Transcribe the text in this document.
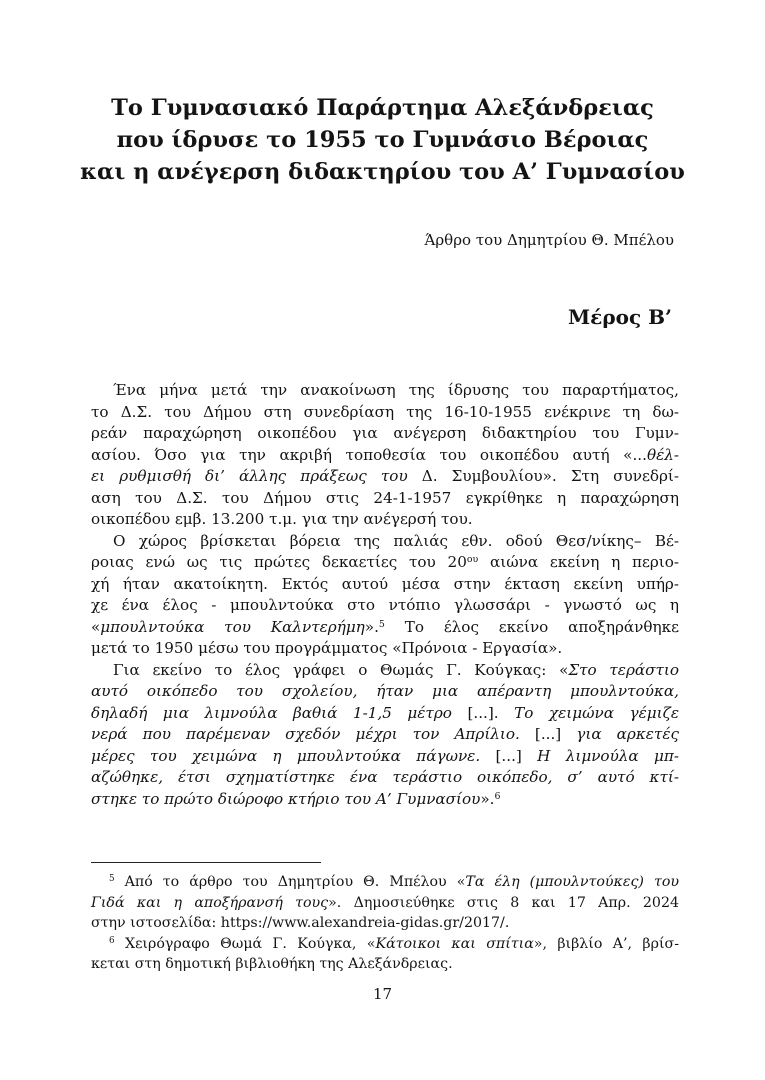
Το Γυμνασιακό Παράρτημα Αλεξάνδρειας
που ίδρυσε το 1955 το Γυμνάσιο Βέροιας
και η ανέγερση διδακτηρίου του Α’ Γυμνασίου
Άρθρο του Δημητρίου Θ. Μπέλου
Μέρος Β’
Ένα μήνα μετά την ανακοίνωση της ίδρυσης του παραρτήματος,
το Δ.Σ. του Δήμου στη συνεδρίαση της 16-10-1955 ενέκρινε τη δω-
ρεάν παραχώρηση οικοπέδου για ανέγερση διδακτηρίου του Γυμν-
ασίου. Όσο για την ακριβή τοποθεσία του οικοπέδου αυτή «...θέλ-
ει ρυθμισθή δι’ άλλης πράξεως του Δ. Συμβουλίου». Στη συνεδρί-
αση του Δ.Σ. του Δήμου στις 24-1-1957 εγκρίθηκε η παραχώρηση
οικοπέδου εμβ. 13.200 τ.μ. για την ανέγερσή του.
Ο χώρος βρίσκεται βόρεια της παλιάς εθν. οδού Θεσ/νίκης– Βέ-
ροιας ενώ ως τις πρώτες δεκαετίες του $20^{o\upsilon}$ αιώνα εκείνη η περιο-
χή ήταν ακατοίκητη. Εκτός αυτού μέσα στην έκταση εκείνη υπήρ-
χε ένα έλος - μπουλντούκα στο ντόπιο γλωσσάρι - γνωστό ως η
«μπουλντούκα του Καλντερήμη».$^5$ Το έλος εκείνο αποξηράνθηκε
μετά το 1950 μέσω του προγράμματος «Πρόνοια - Εργασία».
Για εκείνο το έλος γράφει ο Θωμάς Γ. Κούγκας: «Στο τεράστιο
αυτό οικόπεδο του σχολείου, ήταν μια απέραντη μπουλντούκα,
δηλαδή μια λιμνούλα βαθιά 1-1,5 μέτρο [...]. Το χειμώνα γέμιζε
νερά που παρέμεναν σχεδόν μέχρι τον Απρίλιο. [...] για αρκετές
μέρες του χειμώνα η μπουλντούκα πάγωνε. [...] Η λιμνούλα μπ-
αζώθηκε, έτσι σχηματίστηκε ένα τεράστιο οικόπεδο, σ’ αυτό κτί-
στηκε το πρώτο διώροφο κτήριο του Α’ Γυμνασίου».$^6$
$^5$ Από το άρθρο του Δημητρίου Θ. Μπέλου «Τα έλη (μπουλντούκες) του
Γιδά και η αποξήρανσή τους». Δημοσιεύθηκε στις 8 και 17 Απρ. 2024
στην ιστοσελίδα: https://www.alexandreia-gidas.gr/2017/.
$^6$ Χειρόγραφο Θωμά Γ. Κούγκα, «Κάτοικοι και σπίτια», βιβλίο Α’, βρίσ-
κεται στη δημοτική βιβλιοθήκη της Αλεξάνδρειας.
17
